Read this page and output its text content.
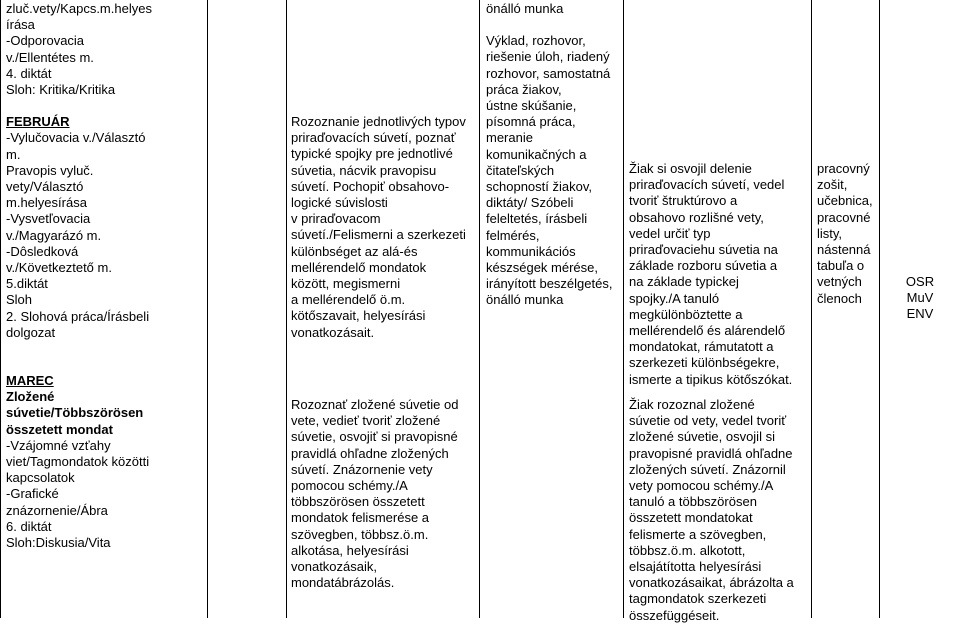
zluč.vety/Kapcs.m.helyes
írása
-Odporovacia
v./Ellentétes m.
4. diktát
Sloh: Kritika/Kritika

FEBRUÁR

-Vylučovacia v./Választó
m.
Pravopis vyluč.
vety/Választó
m.helyesírása
-Vysvetľovacia
v./Magyarázó m.
-Dôsledková
v./Következtető m.
5.diktát
Sloh
2. Slohová práca/Írásbeli
dolgozat

MAREC

Zložené
súvetie/Többszörösen
összetett mondat

-Vzájomné vzťahy
viet/Tagmondatok közötti
kapcsolatok
-Grafické
znázornenie/Ábra
6. diktát
Sloh:Diskusia/Vita

Rozoznanie jednotlivých typov
priraďovacích súvetí, poznať
typické spojky pre jednotlivé
súvetia, nácvik pravopisu
súvetí. Pochopiť obsahovo-
logické súvislosti
v priraďovacom
súvetí./Felismerni a szerkezeti
különbséget az alá-és
mellérendelő mondatok
között, megismerni
a mellérendelő ö.m.
kötőszavait, helyesírási
vonatkozásait.

Rozoznať zložené súvetie od
vete, vedieť tvoriť zložené
súvetie, osvojiť si pravopisné
pravidlá ohľadne zložených
súvetí. Znázornenie vety
pomocou schémy./A
többszörösen összetett
mondatok felismerése a
szövegben, többsz.ö.m.
alkotása, helyesírási
vonatkozásaik,
mondatábrázolás.

önálló munka

Výklad, rozhovor,
riešenie úloh, riadený
rozhovor, samostatná
práca žiakov,
ústne skúšanie,
písomná práca,
meranie
komunikačných a
čitateľských
schopností žiakov,
diktáty/ Szóbeli
feleltetés, írásbeli
felmérés,
kommunikációs
készségek mérése,
irányított beszélgetés,
önálló munka

Žiak si osvojil delenie
priraďovacích súvetí, vedel
tvoriť štruktúrovo a
obsahovo rozlišné vety,
vedel určiť typ
priraďovaciehu súvetia na
základe rozboru súvetia a
na základe typickej
spojky./A tanuló
megkülönböztette a
mellérendelő és alárendelő
mondatokat, rámutatott a
szerkezeti különbségekre,
ismerte a tipikus kötőszókat.

Žiak rozoznal zložené
súvetie od vety, vedel tvoriť
zložené súvetie, osvojil si
pravopisné pravidlá ohľadne
zložených súvetí. Znázornil
vety pomocou schémy./A
tanuló a többszörösen
összetett mondatokat
felismerte a szövegben,
többsz.ö.m. alkotott,
elsajátította helyesírási
vonatkozásaikat, ábrázolta a
tagmondatok szerkezeti
összefüggéseit.

pracovný
zošit,
učebnica,
pracovné
listy,
nástenná
tabuľa o
vetných
členoch

OSR
MuV
ENV
